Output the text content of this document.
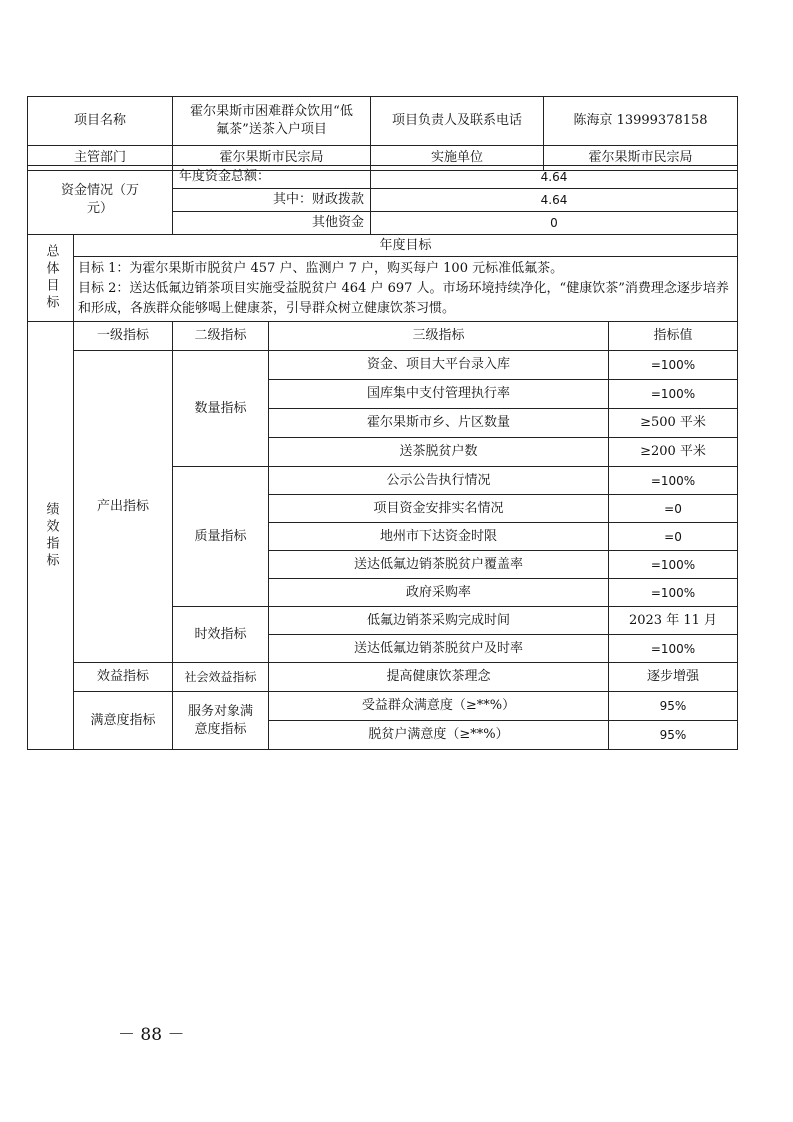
项目名称	霍尔果斯市困难群众饮用“低氟茶”送茶入户项目	项目负责人及联系电话	陈海京 13999378158
主管部门	霍尔果斯市民宗局	实施单位	霍尔果斯市民宗局
资金情况（万元）	年度资金总额：	4.64
	其中：财政拨款	4.64
	其他资金	0
总体目标	年度目标

目标 1：为霍尔果斯市脱贫户 457 户、监测户 7 户，购买每户 100 元标准低氟茶。
目标 2：送达低氟边销茶项目实施受益脱贫户 464 户 697 人。市场环境持续净化，“健康饮茶”消费理念逐步培养和形成，各族群众能够喝上健康茶，引导群众树立健康饮茶习惯。
绩效指标	一级指标	二级指标	三级指标	指标值
	产出指标	数量指标	资金、项目大平台录入库	=100%
			国库集中支付管理执行率	=100%
			霍尔果斯市乡、片区数量	≥500 平米
			送茶脱贫户数	≥200 平米
		质量指标	公示公告执行情况	=100%
			项目资金安排实名情况	=0
			地州市下达资金时限	=0
			送达低氟边销茶脱贫户覆盖率	=100%
			政府采购率	=100%
		时效指标	低氟边销茶采购完成时间	2023 年 11 月
			送达低氟边销茶脱贫户及时率	=100%
	效益指标	社会效益指标	提高健康饮茶理念	逐步增强
	满意度指标	服务对象满意度指标	受益群众满意度（≥**%）	95%
			脱贫户满意度（≥**%）	95%
－ 88 －
